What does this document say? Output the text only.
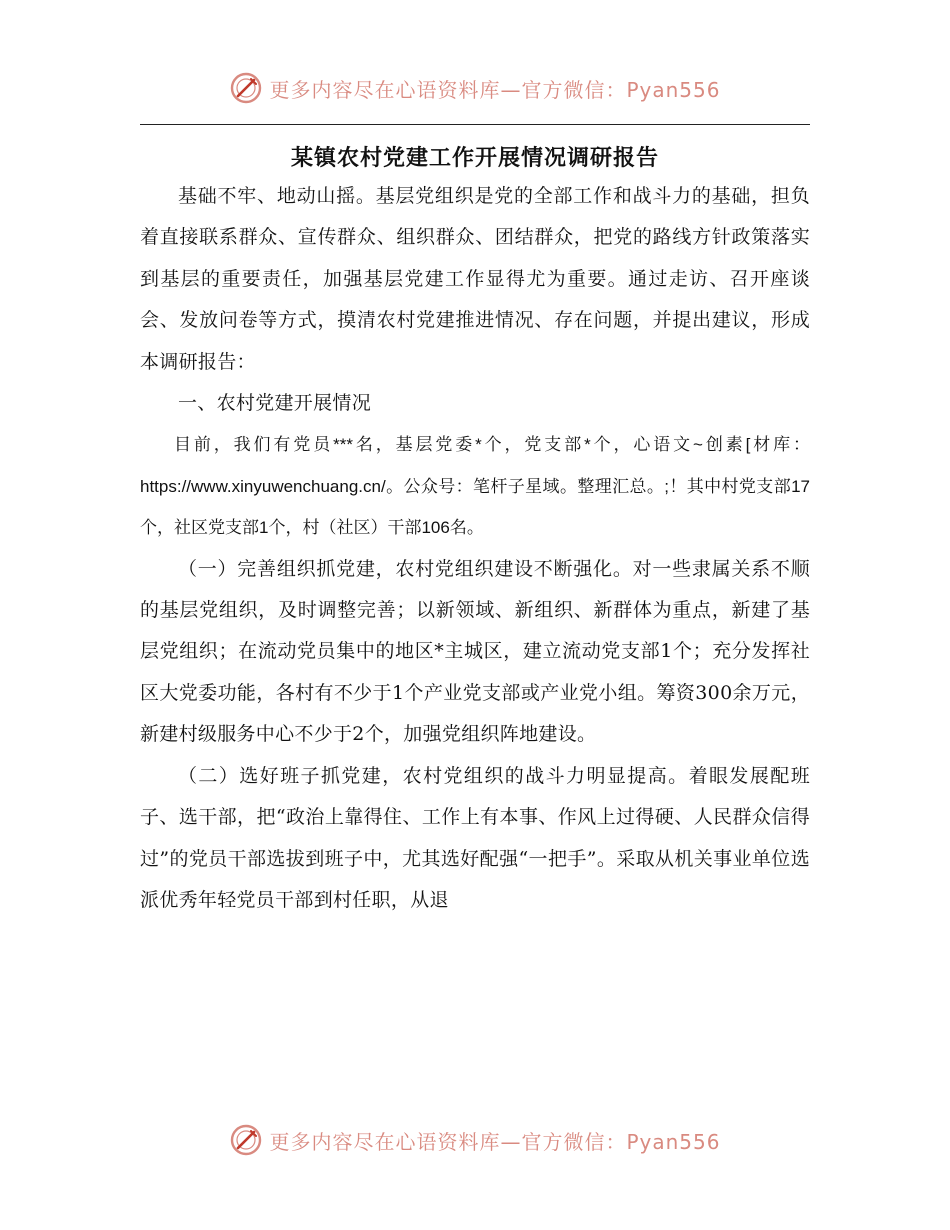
更多内容尽在心语资料库—官方微信：Pyan556
某镇农村党建工作开展情况调研报告

基础不牢、地动山摇。基层党组织是党的全部工作和战斗力的基础，担负着直接联系群众、宣传群众、组织群众、团结群众，把党的路线方针政策落实到基层的重要责任，加强基层党建工作显得尤为重要。通过走访、召开座谈会、发放问卷等方式，摸清农村党建推进情况、存在问题，并提出建议，形成本调研报告：

一、农村党建开展情况

目前，我们有党员***名，基层党委*个，党支部*个，心语文~创素[材库：https://www.xinyuwenchuang.cn/。公众号：笔杆子星域。整理汇总。;！其中村党支部17个，社区党支部1个，村（社区）干部106名。

（一）完善组织抓党建，农村党组织建设不断强化。对一些隶属关系不顺的基层党组织，及时调整完善；以新领域、新组织、新群体为重点，新建了基层党组织；在流动党员集中的地区*主城区，建立流动党支部1个；充分发挥社区大党委功能，各村有不少于1个产业党支部或产业党小组。筹资300余万元，新建村级服务中心不少于2个，加强党组织阵地建设。

（二）选好班子抓党建，农村党组织的战斗力明显提高。着眼发展配班子、选干部，把“政治上靠得住、工作上有本事、作风上过得硬、人民群众信得过”的党员干部选拔到班子中，尤其选好配强“一把手”。采取从机关事业单位选派优秀年轻党员干部到村任职，从退

更多内容尽在心语资料库—官方微信：Pyan556
